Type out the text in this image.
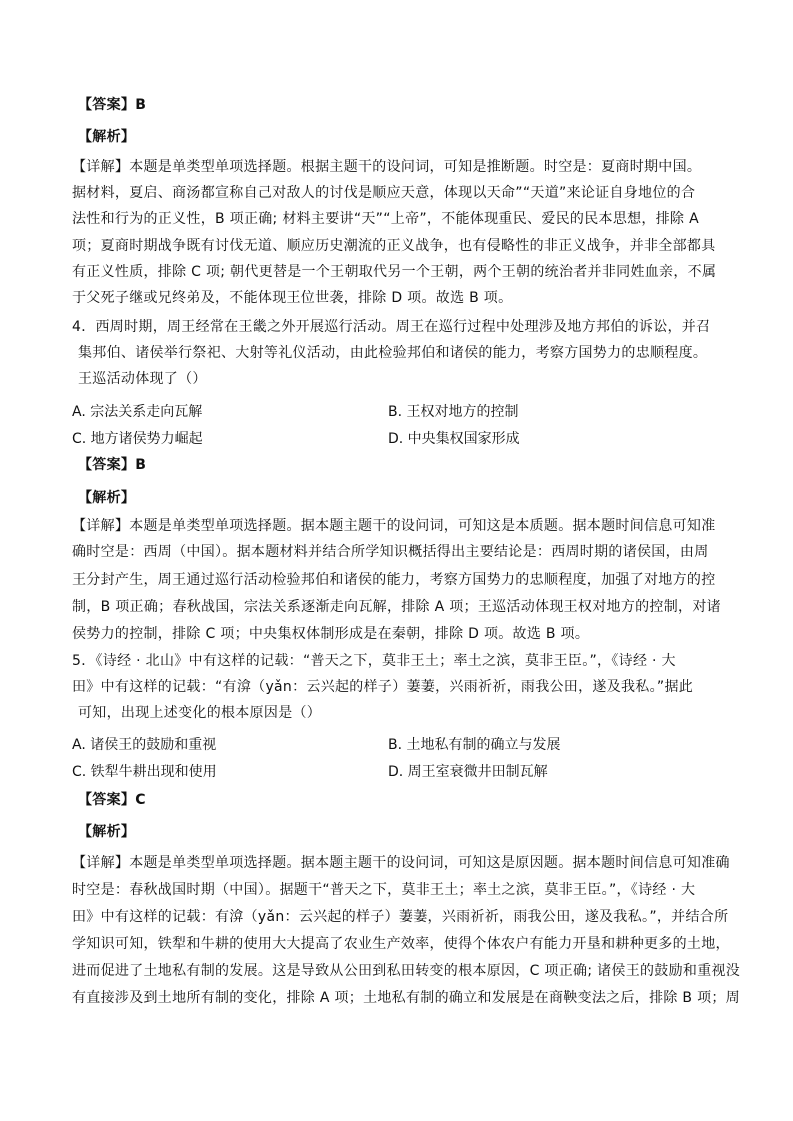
【答案】B
【解析】
【详解】本题是单类型单项选择题。根据主题干的设问词，可知是推断题。时空是：夏商时期中国。
据材料，夏启、商汤都宣称自己对敌人的讨伐是顺应天意，体现以天命”“天道”来论证自身地位的合
法性和行为的正义性，B 项正确; 材料主要讲“天”“上帝”，不能体现重民、爱民的民本思想，排除 A
项；夏商时期战争既有讨伐无道、顺应历史潮流的正义战争，也有侵略性的非正义战争，并非全部都具
有正义性质，排除 C 项; 朝代更替是一个王朝取代另一个王朝，两个王朝的统治者并非同姓血亲，不属
于父死子继或兄终弟及，不能体现王位世袭，排除 D 项。故选 B 项。
4．西周时期，周王经常在王畿之外开展巡行活动。周王在巡行过程中处理涉及地方邦伯的诉讼，并召
集邦伯、诸侯举行祭祀、大射等礼仪活动，由此检验邦伯和诸侯的能力，考察方国势力的忠顺程度。
王巡活动体现了（）
A. 宗法关系走向瓦解	B. 王权对地方的控制
C. 地方诸侯势力崛起	D. 中央集权国家形成
【答案】B
【解析】
【详解】本题是单类型单项选择题。据本题主题干的设问词，可知这是本质题。据本题时间信息可知准
确时空是：西周（中国）。据本题材料并结合所学知识概括得出主要结论是：西周时期的诸侯国，由周
王分封产生，周王通过巡行活动检验邦伯和诸侯的能力，考察方国势力的忠顺程度，加强了对地方的控
制，B 项正确；春秋战国，宗法关系逐渐走向瓦解，排除 A 项；王巡活动体现王权对地方的控制，对诸
侯势力的控制，排除 C 项；中央集权体制形成是在秦朝，排除 D 项。故选 B 项。
5．《诗经 · 北山》中有这样的记载：“普天之下，莫非王土；率土之滨，莫非王臣。”，《诗经 · 大
田》中有这样的记载：“有渰（yǎn：云兴起的样子）萋萋，兴雨祈祈，雨我公田，遂及我私。”据此
可知，出现上述变化的根本原因是（）
A. 诸侯王的鼓励和重视	B. 土地私有制的确立与发展
C. 铁犁牛耕出现和使用	D. 周王室衰微井田制瓦解
【答案】C
【解析】
【详解】本题是单类型单项选择题。据本题主题干的设问词，可知这是原因题。据本题时间信息可知准确
时空是：春秋战国时期（中国）。据题干“普天之下，莫非王土；率土之滨，莫非王臣。”，《诗经 · 大
田》中有这样的记载：有渰（yǎn：云兴起的样子）萋萋，兴雨祈祈，雨我公田，遂及我私。”，并结合所
学知识可知，铁犁和牛耕的使用大大提高了农业生产效率，使得个体农户有能力开垦和耕种更多的土地，
进而促进了土地私有制的发展。这是导致从公田到私田转变的根本原因，C 项正确; 诸侯王的鼓励和重视没
有直接涉及到土地所有制的变化，排除 A 项；土地私有制的确立和发展是在商鞅变法之后，排除 B 项；周
